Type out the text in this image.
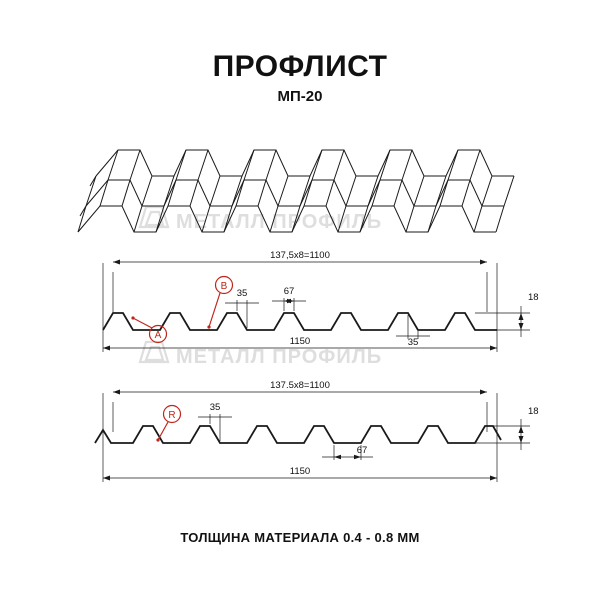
ПРОФЛИСТ
МП-20
ТОЛЩИНА МАТЕРИАЛА 0.4 - 0.8 ММ
МЕТАЛЛ ПРОФИЛЬ
МЕТАЛЛ ПРОФИЛЬ
137,5x8=1100
1150
18
35	67
35
A
B
137.5x8=1100
1150
18
35
67
R
